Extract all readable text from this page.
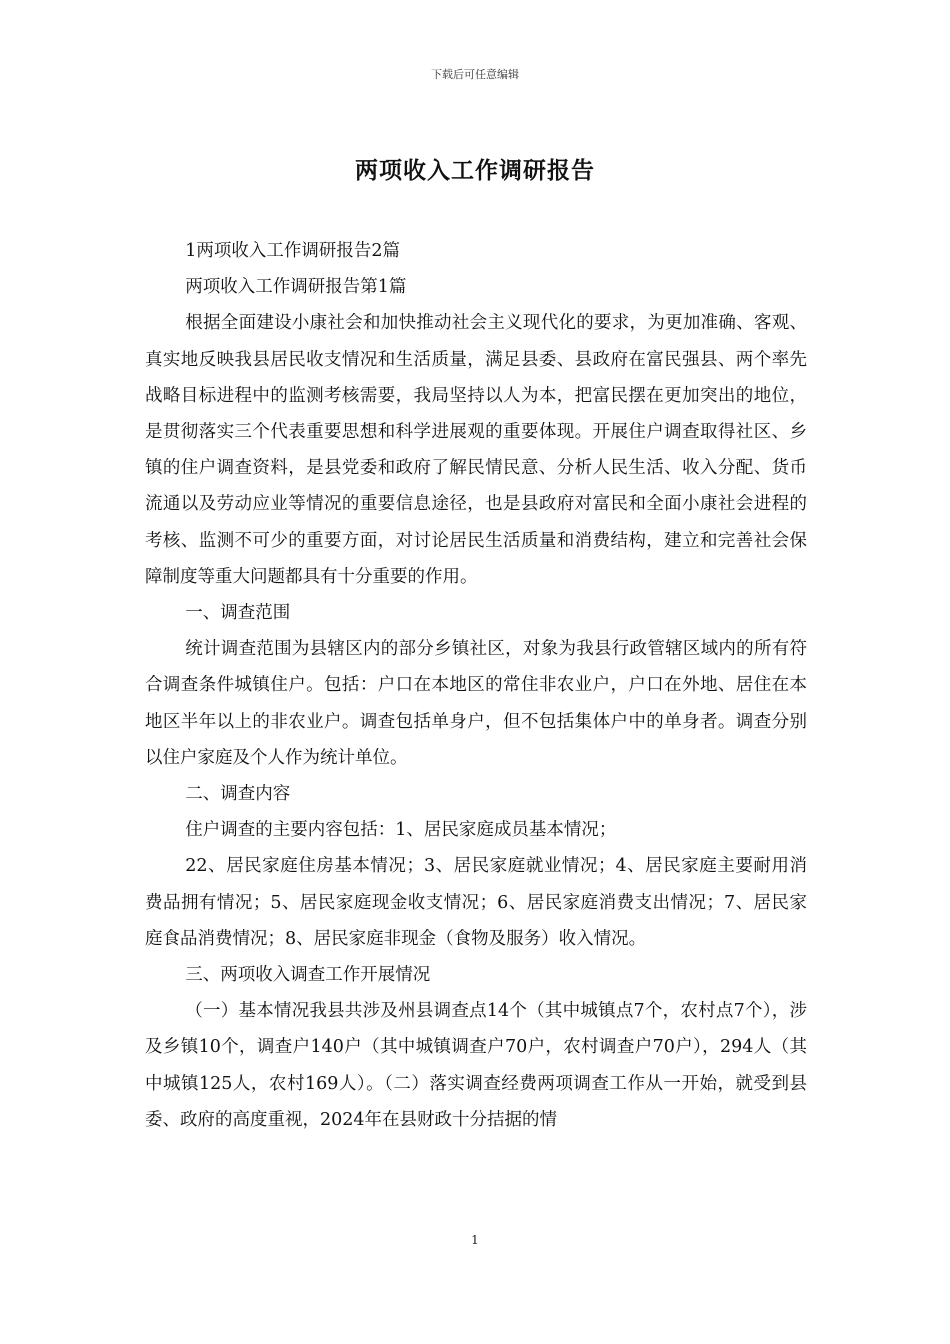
下载后可任意编辑
两项收入工作调研报告

1两项收入工作调研报告2篇

两项收入工作调研报告第1篇

根据全面建设小康社会和加快推动社会主义现代化的要求，为更加准确、客观、真实地反映我县居民收支情况和生活质量，满足县委、县政府在富民强县、两个率先战略目标进程中的监测考核需要，我局坚持以人为本，把富民摆在更加突出的地位，是贯彻落实三个代表重要思想和科学进展观的重要体现。开展住户调查取得社区、乡镇的住户调查资料，是县党委和政府了解民情民意、分析人民生活、收入分配、货币流通以及劳动应业等情况的重要信息途径，也是县政府对富民和全面小康社会进程的考核、监测不可少的重要方面，对讨论居民生活质量和消费结构，建立和完善社会保障制度等重大问题都具有十分重要的作用。

一、调查范围

统计调查范围为县辖区内的部分乡镇社区，对象为我县行政管辖区域内的所有符合调查条件城镇住户。包括：户口在本地区的常住非农业户，户口在外地、居住在本地区半年以上的非农业户。调查包括单身户，但不包括集体户中的单身者。调查分别以住户家庭及个人作为统计单位。

二、调查内容

住户调查的主要内容包括：1、居民家庭成员基本情况；

22、居民家庭住房基本情况；3、居民家庭就业情况；4、居民家庭主要耐用消费品拥有情况；5、居民家庭现金收支情况；6、居民家庭消费支出情况；7、居民家庭食品消费情况；8、居民家庭非现金（食物及服务）收入情况。

三、两项收入调查工作开展情况

（一）基本情况我县共涉及州县调查点14个（其中城镇点7个，农村点7个），涉及乡镇10个，调查户140户（其中城镇调查户70户，农村调查户70户），294人（其中城镇125人，农村169人）。（二）落实调查经费两项调查工作从一开始，就受到县委、政府的高度重视，2024年在县财政十分拮据的情

1
